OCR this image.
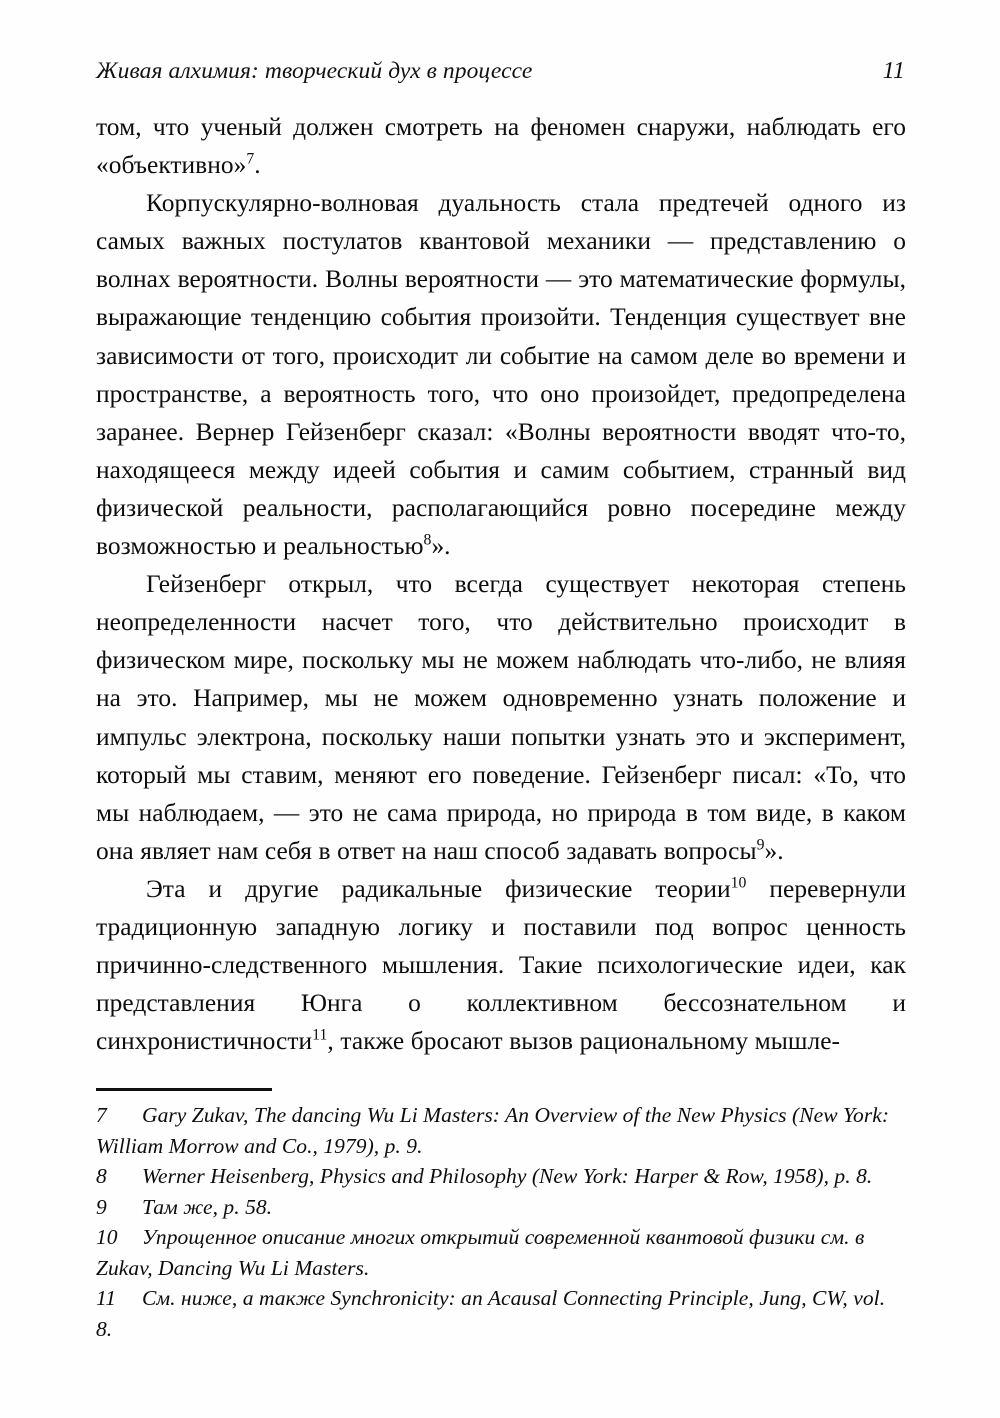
Живая алхимия: творческий дух в процессе	11

том, что ученый должен смотреть на феномен снаружи, наблюдать его «объективно»$^7$.

Корпускулярно-волновая дуальность стала предтечей одного из самых важных постулатов квантовой механики — представлению о волнах вероятности. Волны вероятности — это математические формулы, выражающие тенденцию события произойти. Тенденция существует вне зависимости от того, происходит ли событие на самом деле во времени и пространстве, а вероятность того, что оно произойдет, предопределена заранее. Вернер Гейзенберг сказал: «Волны вероятности вводят что-то, находящееся между идеей события и самим событием, странный вид физической реальности, располагающийся ровно посередине между возможностью и реальностью$^8$».

Гейзенберг открыл, что всегда существует некоторая степень неопределенности насчет того, что действительно происходит в физическом мире, поскольку мы не можем наблюдать что-либо, не влияя на это. Например, мы не можем одновременно узнать положение и импульс электрона, поскольку наши попытки узнать это и эксперимент, который мы ставим, меняют его поведение. Гейзенберг писал: «То, что мы наблюдаем, — это не сама природа, но природа в том виде, в каком она являет нам себя в ответ на наш способ задавать вопросы$^9$».

Эта и другие радикальные физические теории$^{10}$ перевернули традиционную западную логику и поставили под вопрос ценность причинно-следственного мышления. Такие психологические идеи, как представления Юнга о коллективном бессознательном и синхронистичности$^{11}$, также бросают вызов рациональному мышле-

7	Gary Zukav, The dancing Wu Li Masters: An Overview of the New Physics (New York: William Morrow and Co., 1979), p. 9.
8	Werner Heisenberg, Physics and Philosophy (New York: Harper & Row, 1958), p. 8.
9	Там же, p. 58.
10	Упрощенное описание многих открытий современной квантовой физики см. в Zukav, Dancing Wu Li Masters.
11	См. ниже, а также Synchronicity: an Acausal Connecting Principle, Jung, CW, vol. 8.
